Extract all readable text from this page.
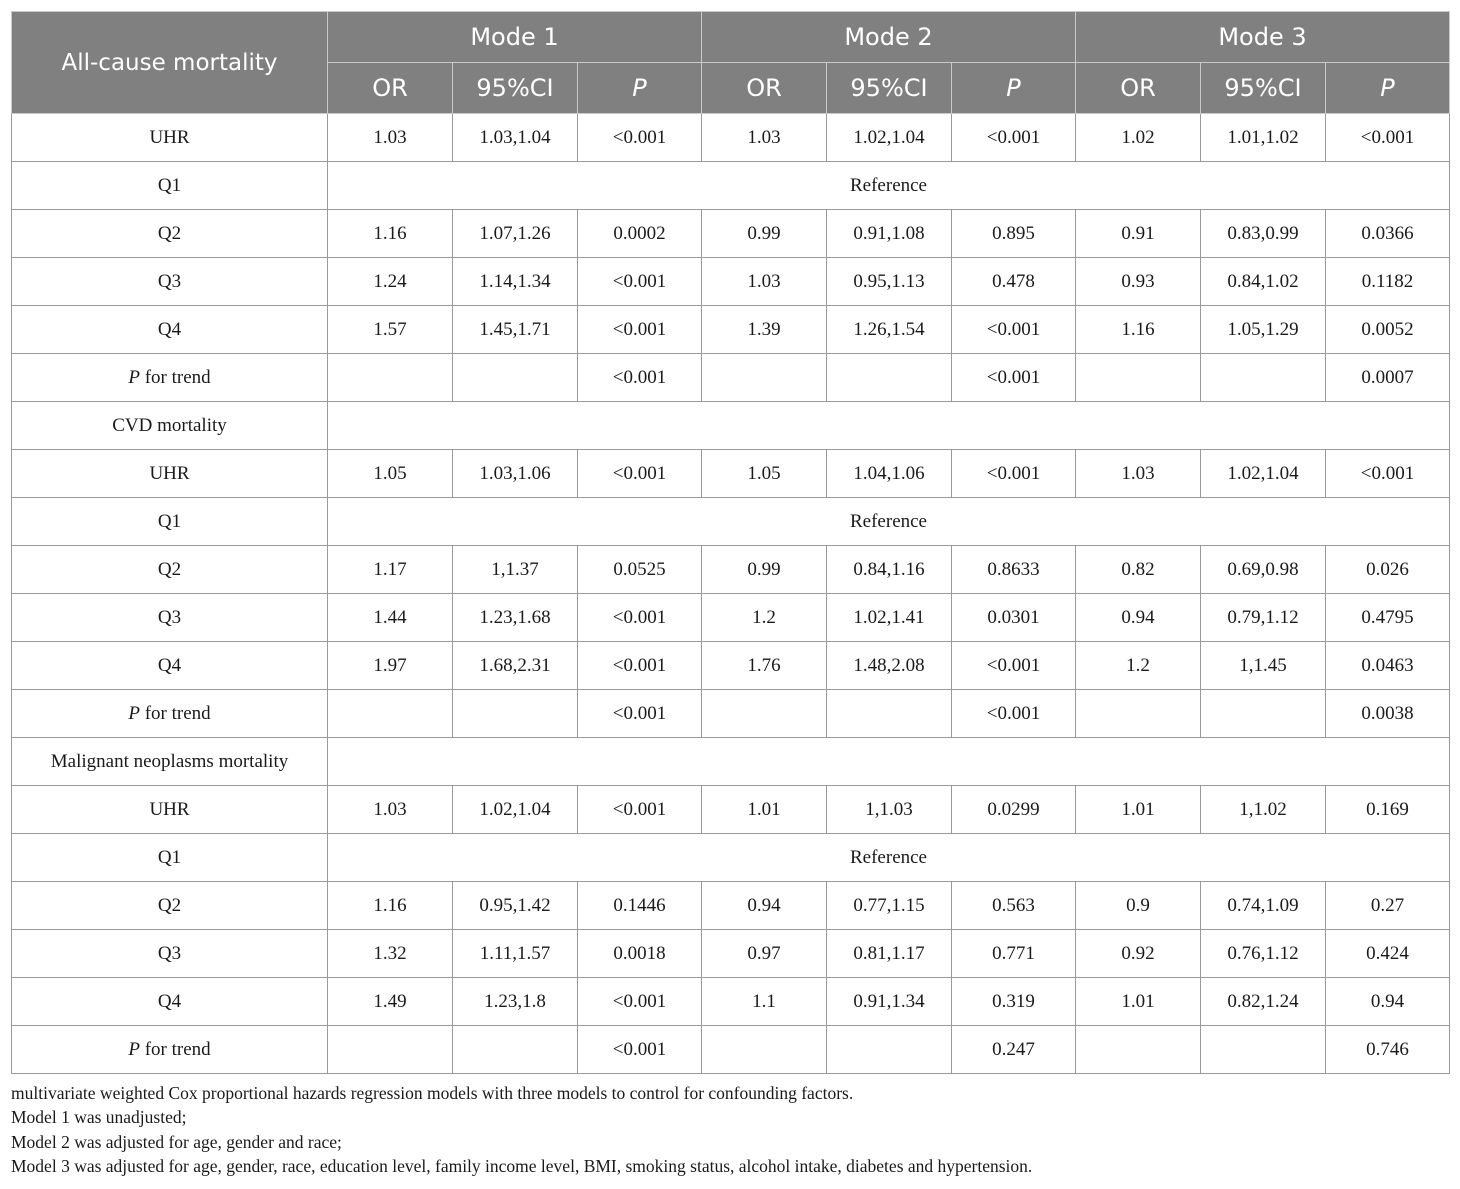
All-cause mortality	Mode 1			Mode 2			Mode 3		
	OR	95%CI	P	OR	95%CI	P	OR	95%CI	P
UHR	1.03	1.03,1.04	<0.001	1.03	1.02,1.04	<0.001	1.02	1.01,1.02	<0.001
Q1	Reference								
Q2	1.16	1.07,1.26	0.0002	0.99	0.91,1.08	0.895	0.91	0.83,0.99	0.0366
Q3	1.24	1.14,1.34	<0.001	1.03	0.95,1.13	0.478	0.93	0.84,1.02	0.1182
Q4	1.57	1.45,1.71	<0.001	1.39	1.26,1.54	<0.001	1.16	1.05,1.29	0.0052
P for trend			<0.001			<0.001			0.0007
CVD mortality									
UHR	1.05	1.03,1.06	<0.001	1.05	1.04,1.06	<0.001	1.03	1.02,1.04	<0.001
Q1	Reference								
Q2	1.17	1,1.37	0.0525	0.99	0.84,1.16	0.8633	0.82	0.69,0.98	0.026
Q3	1.44	1.23,1.68	<0.001	1.2	1.02,1.41	0.0301	0.94	0.79,1.12	0.4795
Q4	1.97	1.68,2.31	<0.001	1.76	1.48,2.08	<0.001	1.2	1,1.45	0.0463
P for trend			<0.001			<0.001			0.0038
Malignant neoplasms mortality									
UHR	1.03	1.02,1.04	<0.001	1.01	1,1.03	0.0299	1.01	1,1.02	0.169
Q1	Reference								
Q2	1.16	0.95,1.42	0.1446	0.94	0.77,1.15	0.563	0.9	0.74,1.09	0.27
Q3	1.32	1.11,1.57	0.0018	0.97	0.81,1.17	0.771	0.92	0.76,1.12	0.424
Q4	1.49	1.23,1.8	<0.001	1.1	0.91,1.34	0.319	1.01	0.82,1.24	0.94
P for trend			<0.001			0.247			0.746
multivariate weighted Cox proportional hazards regression models with three models to control for confounding factors.
Model 1 was unadjusted;
Model 2 was adjusted for age, gender and race;
Model 3 was adjusted for age, gender, race, education level, family income level, BMI, smoking status, alcohol intake, diabetes and hypertension.
